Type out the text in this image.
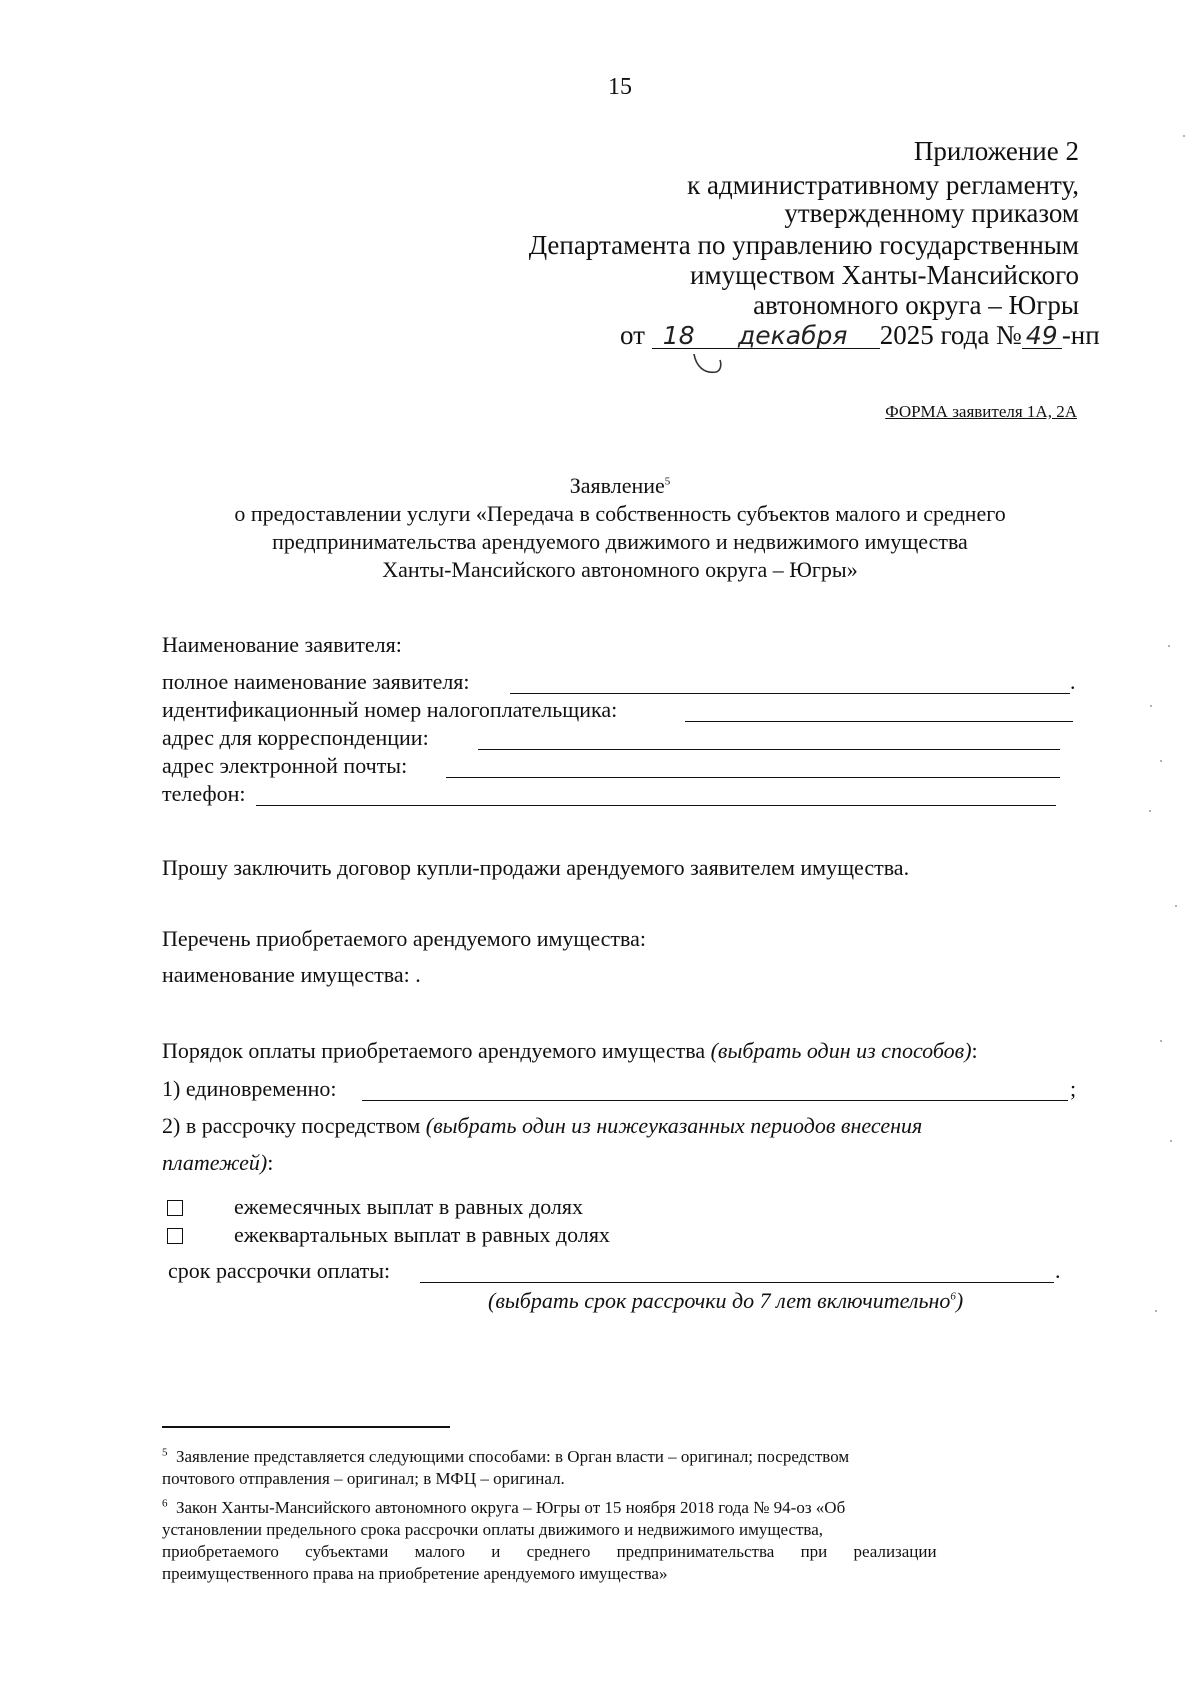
15
Приложение 2
к административному регламенту,
утвержденному приказом
Департамента по управлению государственным
имуществом Ханты-Мансийского
автономного округа – Югры
от 18 декабря 2025 года № 49 -нп
ФОРМА заявителя 1А, 2А
Заявление$^5$
о предоставлении услуги «Передача в собственность субъектов малого и среднего
предпринимательства арендуемого движимого и недвижимого имущества
Ханты-Мансийского автономного округа – Югры»
Наименование заявителя:
полное наименование заявителя:	.
идентификационный номер налогоплательщика:
адрес для корреспонденции:
адрес электронной почты:
телефон:
Прошу заключить договор купли-продажи арендуемого заявителем имущества.
Перечень приобретаемого арендуемого имущества:
наименование имущества: .
Порядок оплаты приобретаемого арендуемого имущества (выбрать один из способов):
1) единовременно:	;
2) в рассрочку посредством (выбрать один из нижеуказанных периодов внесения
платежей):
ежемесячных выплат в равных долях
ежеквартальных выплат в равных долях
срок рассрочки оплаты:	.
(выбрать срок рассрочки до 7 лет включительно$^6$)
$^5$ Заявление представляется следующими способами: в Орган власти – оригинал; посредством
почтового отправления – оригинал; в МФЦ – оригинал.
$^6$ Закон Ханты-Мансийского автономного округа – Югры от 15 ноября 2018 года № 94-оз «Об
установлении предельного срока рассрочки оплаты движимого и недвижимого имущества,
приобретаемого субъектами малого и среднего предпринимательства при реализации
преимущественного права на приобретение арендуемого имущества»
